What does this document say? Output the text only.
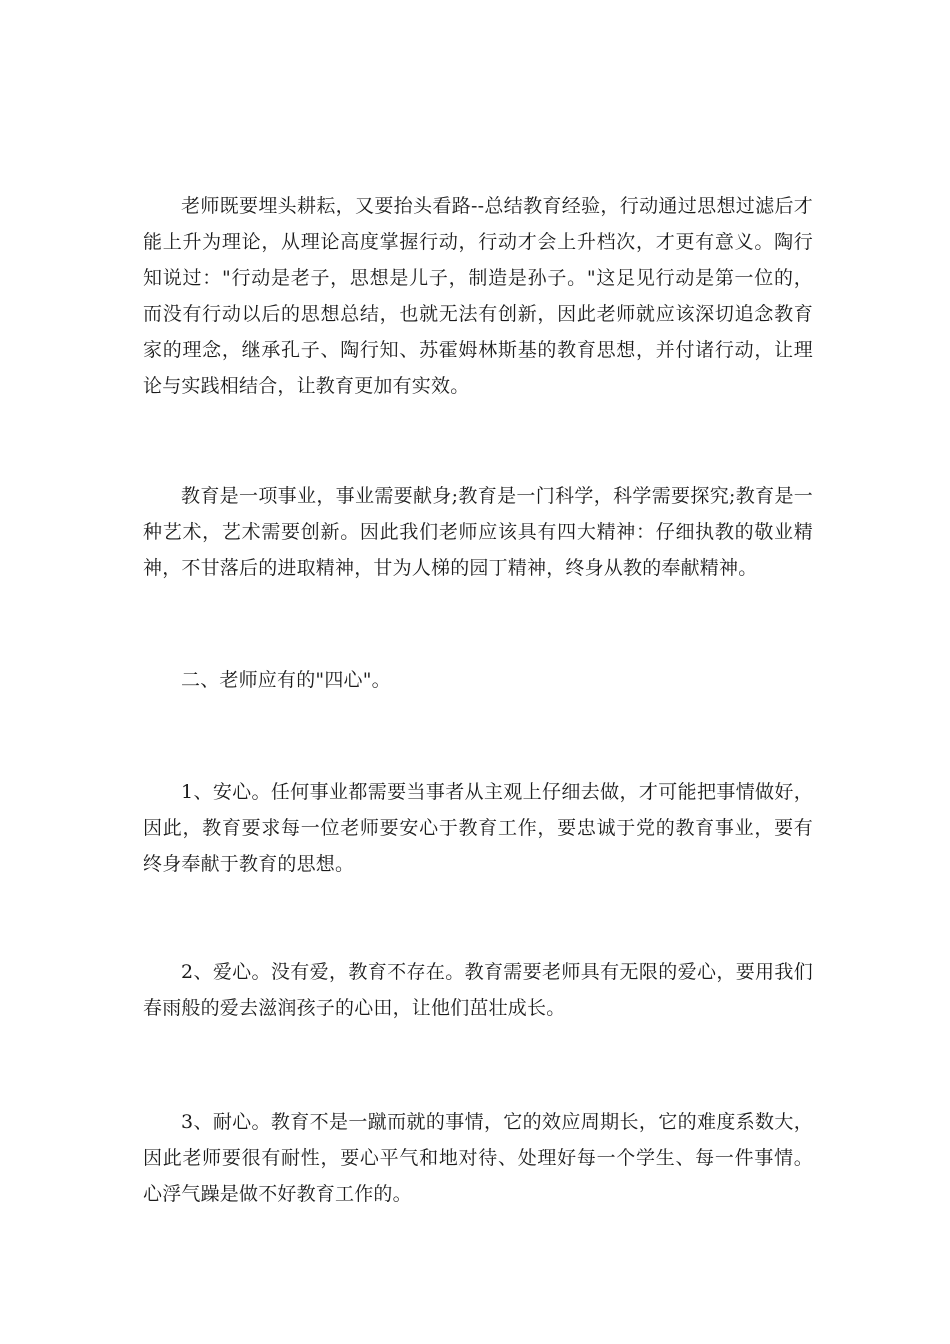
老师既要埋头耕耘，又要抬头看路--总结教育经验，行动通过思想过滤后才能上升为理论，从理论高度掌握行动，行动才会上升档次，才更有意义。陶行知说过："行动是老子，思想是儿子，制造是孙子。"这足见行动是第一位的，而没有行动以后的思想总结，也就无法有创新，因此老师就应该深切追念教育家的理念，继承孔子、陶行知、苏霍姆林斯基的教育思想，并付诸行动，让理论与实践相结合，让教育更加有实效。

教育是一项事业，事业需要献身;教育是一门科学，科学需要探究;教育是一种艺术，艺术需要创新。因此我们老师应该具有四大精神：仔细执教的敬业精神，不甘落后的进取精神，甘为人梯的园丁精神，终身从教的奉献精神。

二、老师应有的"四心"。

1、安心。任何事业都需要当事者从主观上仔细去做，才可能把事情做好，因此，教育要求每一位老师要安心于教育工作，要忠诚于党的教育事业，要有终身奉献于教育的思想。

2、爱心。没有爱，教育不存在。教育需要老师具有无限的爱心，要用我们春雨般的爱去滋润孩子的心田，让他们茁壮成长。

3、耐心。教育不是一蹴而就的事情，它的效应周期长，它的难度系数大，因此老师要很有耐性，要心平气和地对待、处理好每一个学生、每一件事情。心浮气躁是做不好教育工作的。
